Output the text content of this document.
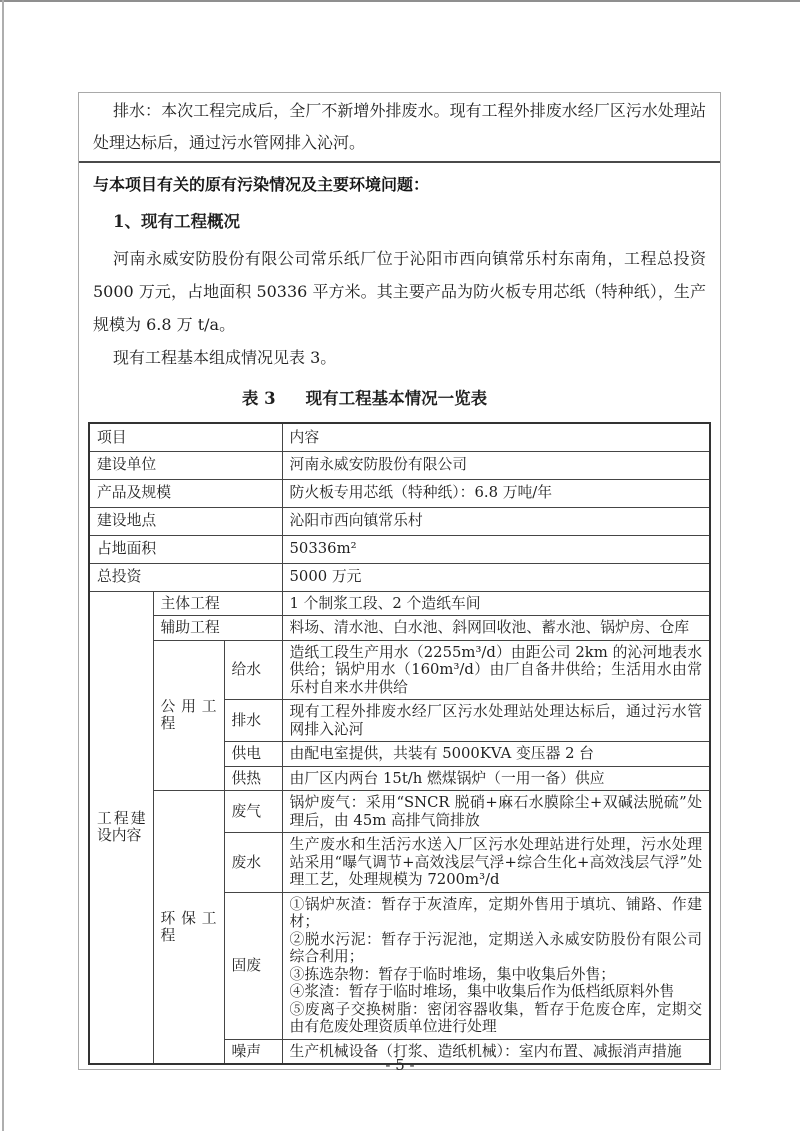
排水：本次工程完成后，全厂不新增外排废水。现有工程外排废水经厂区污水处理站处理达标后，通过污水管网排入沁河。

与本项目有关的原有污染情况及主要环境问题：

1、现有工程概况

河南永威安防股份有限公司常乐纸厂位于沁阳市西向镇常乐村东南角，工程总投资 5000 万元，占地面积 50336 平方米。其主要产品为防火板专用芯纸（特种纸），生产规模为 6.8 万 t/a。

现有工程基本组成情况见表 3。

表 3 现有工程基本情况一览表
项目			内容
建设单位			河南永威安防股份有限公司
产品及规模			防火板专用芯纸（特种纸）：6.8 万吨/年
建设地点			沁阳市西向镇常乐村
占地面积			50336m²
总投资			5000 万元
工程建设内容	主体工程		1 个制浆工段、2 个造纸车间
	辅助工程		料场、清水池、白水池、斜网回收池、蓄水池、锅炉房、仓库
	公用工程	给水	造纸工段生产用水（2255m³/d）由距公司 2km 的沁河地表水供给；锅炉用水（160m³/d）由厂自备井供给；生活用水由常乐村自来水井供给
		排水	现有工程外排废水经厂区污水处理站处理达标后，通过污水管网排入沁河
		供电	由配电室提供，共装有 5000KVA 变压器 2 台
		供热	由厂区内两台 15t/h 燃煤锅炉（一用一备）供应
	环保工程	废气	锅炉废气：采用“SNCR 脱硝+麻石水膜除尘+双碱法脱硫”处理后，由 45m 高排气筒排放
		废水	生产废水和生活污水送入厂区污水处理站进行处理，污水处理站采用“曝气调节+高效浅层气浮+综合生化+高效浅层气浮”处理工艺，处理规模为 7200m³/d
		固废	①锅炉灰渣：暂存于灰渣库，定期外售用于填坑、铺路、作建材；
②脱水污泥：暂存于污泥池，定期送入永威安防股份有限公司综合利用；
③拣选杂物：暂存于临时堆场，集中收集后外售；
④浆渣：暂存于临时堆场，集中收集后作为低档纸原料外售
⑤废离子交换树脂：密闭容器收集，暂存于危废仓库，定期交由有危废处理资质单位进行处理

		噪声	生产机械设备（打浆、造纸机械）：室内布置、减振消声措施
- 5 -
